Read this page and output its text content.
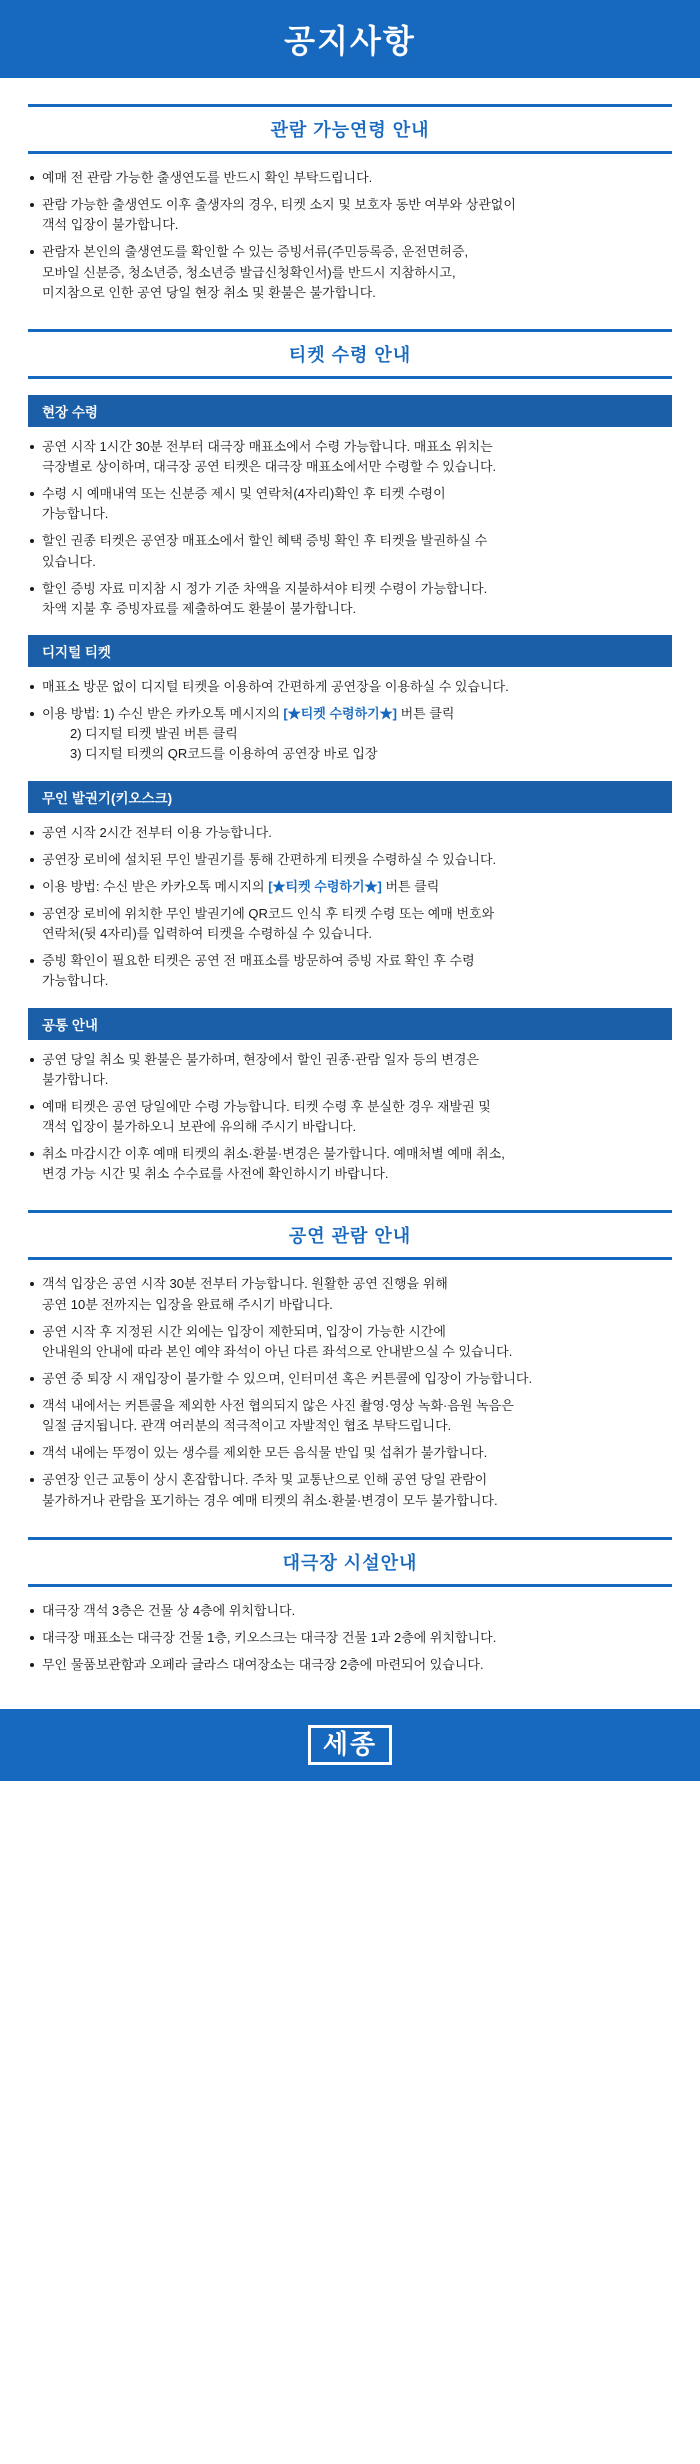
공지사항
관람 가능연령 안내
예매 전 관람 가능한 출생연도를 반드시 확인 부탁드립니다.
관람 가능한 출생연도 이후 출생자의 경우, 티켓 소지 및 보호자 동반 여부와 상관없이
객석 입장이 불가합니다.
관람자 본인의 출생연도를 확인할 수 있는 증빙서류(주민등록증, 운전면허증,
모바일 신분증, 청소년증, 청소년증 발급신청확인서)를 반드시 지참하시고,
미지참으로 인한 공연 당일 현장 취소 및 환불은 불가합니다.
티켓 수령 안내
현장 수령
공연 시작 1시간 30분 전부터 대극장 매표소에서 수령 가능합니다. 매표소 위치는
극장별로 상이하며, 대극장 공연 티켓은 대극장 매표소에서만 수령할 수 있습니다.
수령 시 예매내역 또는 신분증 제시 및 연락처(4자리)확인 후 티켓 수령이
가능합니다.
할인 권종 티켓은 공연장 매표소에서 할인 혜택 증빙 확인 후 티켓을 발권하실 수
있습니다.
할인 증빙 자료 미지참 시 정가 기준 차액을 지불하셔야 티켓 수령이 가능합니다.
차액 지불 후 증빙자료를 제출하여도 환불이 불가합니다.
디지털 티켓
매표소 방문 없이 디지털 티켓을 이용하여 간편하게 공연장을 이용하실 수 있습니다.
이용 방법: 1) 수신 받은 카카오톡 메시지의 [★티켓 수령하기★] 버튼 클릭
2) 디지털 티켓 발권 버튼 클릭
3) 디지털 티켓의 QR코드를 이용하여 공연장 바로 입장
무인 발권기(키오스크)
공연 시작 2시간 전부터 이용 가능합니다.
공연장 로비에 설치된 무인 발권기를 통해 간편하게 티켓을 수령하실 수 있습니다.
이용 방법: 수신 받은 카카오톡 메시지의 [★티켓 수령하기★] 버튼 클릭
공연장 로비에 위치한 무인 발권기에 QR코드 인식 후 티켓 수령 또는 예매 번호와
연락처(뒷 4자리)를 입력하여 티켓을 수령하실 수 있습니다.
증빙 확인이 필요한 티켓은 공연 전 매표소를 방문하여 증빙 자료 확인 후 수령
가능합니다.
공통 안내
공연 당일 취소 및 환불은 불가하며, 현장에서 할인 권종·관람 일자 등의 변경은
불가합니다.
예매 티켓은 공연 당일에만 수령 가능합니다. 티켓 수령 후 분실한 경우 재발권 및
객석 입장이 불가하오니 보관에 유의해 주시기 바랍니다.
취소 마감시간 이후 예매 티켓의 취소·환불·변경은 불가합니다. 예매처별 예매 취소,
변경 가능 시간 및 취소 수수료를 사전에 확인하시기 바랍니다.
공연 관람 안내
객석 입장은 공연 시작 30분 전부터 가능합니다. 원활한 공연 진행을 위해
공연 10분 전까지는 입장을 완료해 주시기 바랍니다.
공연 시작 후 지정된 시간 외에는 입장이 제한되며, 입장이 가능한 시간에
안내원의 안내에 따라 본인 예약 좌석이 아닌 다른 좌석으로 안내받으실 수 있습니다.
공연 중 퇴장 시 재입장이 불가할 수 있으며, 인터미션 혹은 커튼콜에 입장이 가능합니다.
객석 내에서는 커튼콜을 제외한 사전 협의되지 않은 사진 촬영·영상 녹화·음원 녹음은
일절 금지됩니다. 관객 여러분의 적극적이고 자발적인 협조 부탁드립니다.
객석 내에는 뚜껑이 있는 생수를 제외한 모든 음식물 반입 및 섭취가 불가합니다.
공연장 인근 교통이 상시 혼잡합니다. 주차 및 교통난으로 인해 공연 당일 관람이
불가하거나 관람을 포기하는 경우 예매 티켓의 취소·환불·변경이 모두 불가합니다.
대극장 시설안내
대극장 객석 3층은 건물 상 4층에 위치합니다.
대극장 매표소는 대극장 건물 1층, 키오스크는 대극장 건물 1과 2층에 위치합니다.
무인 물품보관함과 오페라 글라스 대여장소는 대극장 2층에 마련되어 있습니다.
세종
